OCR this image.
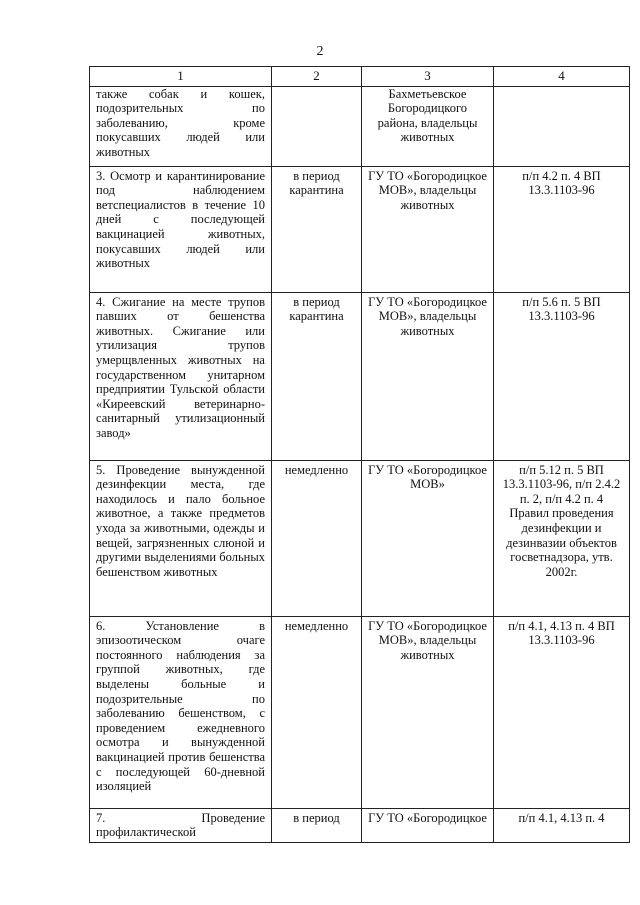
2
1	2	3	4
также собак и кошек, подозрительных по заболеванию, кроме покусавших людей или животных		Бахметьевское Богородицкого района, владельцы животных	
3. Осмотр и карантинирование под наблюдением ветспециалистов в течение 10 дней с последующей вакцинацией животных, покусавших людей или животных	в период карантина	ГУ ТО «Богородицкое МОВ», владельцы животных	п/п 4.2 п. 4 ВП 13.3.1103-96
4. Сжигание на месте трупов павших от бешенства животных. Сжигание или утилизация трупов умерщвленных животных на государственном унитарном предприятии Тульской области «Киреевский ветеринарно-санитарный утилизационный завод»	в период карантина	ГУ ТО «Богородицкое МОВ», владельцы животных	п/п 5.6 п. 5 ВП 13.3.1103-96
5. Проведение вынужденной дезинфекции места, где находилось и пало больное животное, а также предметов ухода за животными, одежды и вещей, загрязненных слюной и другими выделениями больных бешенством животных	немедленно	ГУ ТО «Богородицкое МОВ»	п/п 5.12 п. 5 ВП 13.3.1103-96, п/п 2.4.2 п. 2, п/п 4.2 п. 4 Правил проведения дезинфекции и дезинвазии объектов госветнадзора, утв. 2002г.
6. Установление в эпизоотическом очаге постоянного наблюдения за группой животных, где выделены больные и подозрительные по заболеванию бешенством, с проведением ежедневного осмотра и вынужденной вакцинацией против бешенства с последующей 60-дневной изоляцией	немедленно	ГУ ТО «Богородицкое МОВ», владельцы животных	п/п 4.1, 4.13 п. 4 ВП 13.3.1103-96
7. Проведение профилактической	в период	ГУ ТО «Богородицкое	п/п 4.1, 4.13 п. 4
